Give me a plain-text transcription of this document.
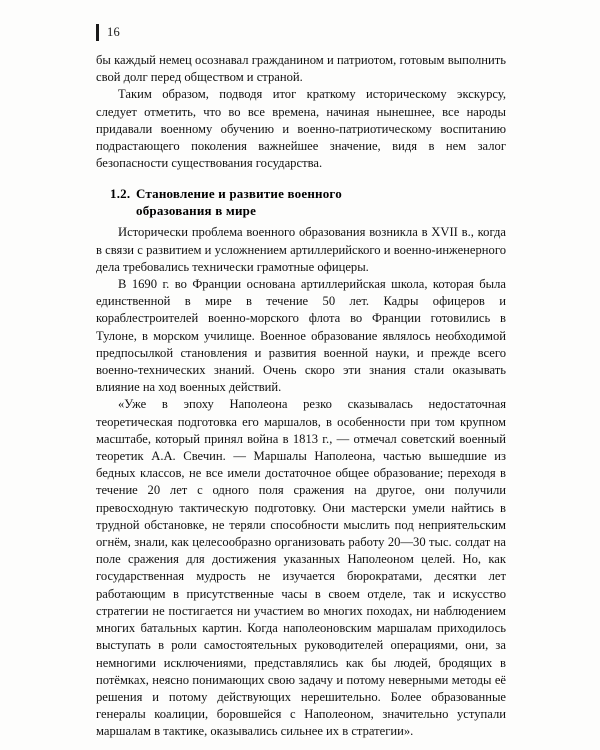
16

бы каждый немец осознавал гражданином и патриотом, готовым выполнить свой долг перед обществом и страной.

Таким образом, подводя итог краткому историческому экскурсу, следует отметить, что во все времена, начиная нынешнее, все народы придавали военному обучению и военно-патриотическому воспитанию подрастающего поколения важнейшее значение, видя в нем залог безопасности существования государства.

1.2. Становление и развитие военного
образования в мире

Исторически проблема военного образования возникла в XVII в., когда в связи с развитием и усложнением артиллерийского и военно-инженерного дела требовались технически грамотные офицеры.

В 1690 г. во Франции основана артиллерийская школа, которая была единственной в мире в течение 50 лет. Кадры офицеров и кораблестроителей военно-морского флота во Франции готовились в Тулоне, в морском училище. Военное образование являлось необходимой предпосылкой становления и развития военной науки, и прежде всего военно-технических знаний. Очень скоро эти знания стали оказывать влияние на ход военных действий.

«Уже в эпоху Наполеона резко сказывалась недостаточная теоретическая подготовка его маршалов, в особенности при том крупном масштабе, который принял война в 1813 г., — отмечал советский военный теоретик А.А. Свечин. — Маршалы Наполеона, частью вышедшие из бедных классов, не все имели достаточное общее образование; переходя в течение 20 лет с одного поля сражения на другое, они получили превосходную тактическую подготовку. Они мастерски умели найтись в трудной обстановке, не теряли способности мыслить под неприятельским огнём, знали, как целесообразно организовать работу 20—30 тыс. солдат на поле сражения для достижения указанных Наполеоном целей. Но, как государственная мудрость не изучается бюрократами, десятки лет работающим в присутственные часы в своем отделе, так и искусство стратегии не постигается ни участием во многих походах, ни наблюдением многих батальных картин. Когда наполеоновским маршалам приходилось выступать в роли самостоятельных руководителей операциями, они, за немногими исключениями, представлялись как бы людей, бродящих в потёмках, неясно понимающих свою задачу и потому неверными методы её решения и потому действующих нерешительно. Более образованные генералы коалиции, боровшейся с Наполеоном, значительно уступали маршалам в тактике, оказывались сильнее их в стратегии».
